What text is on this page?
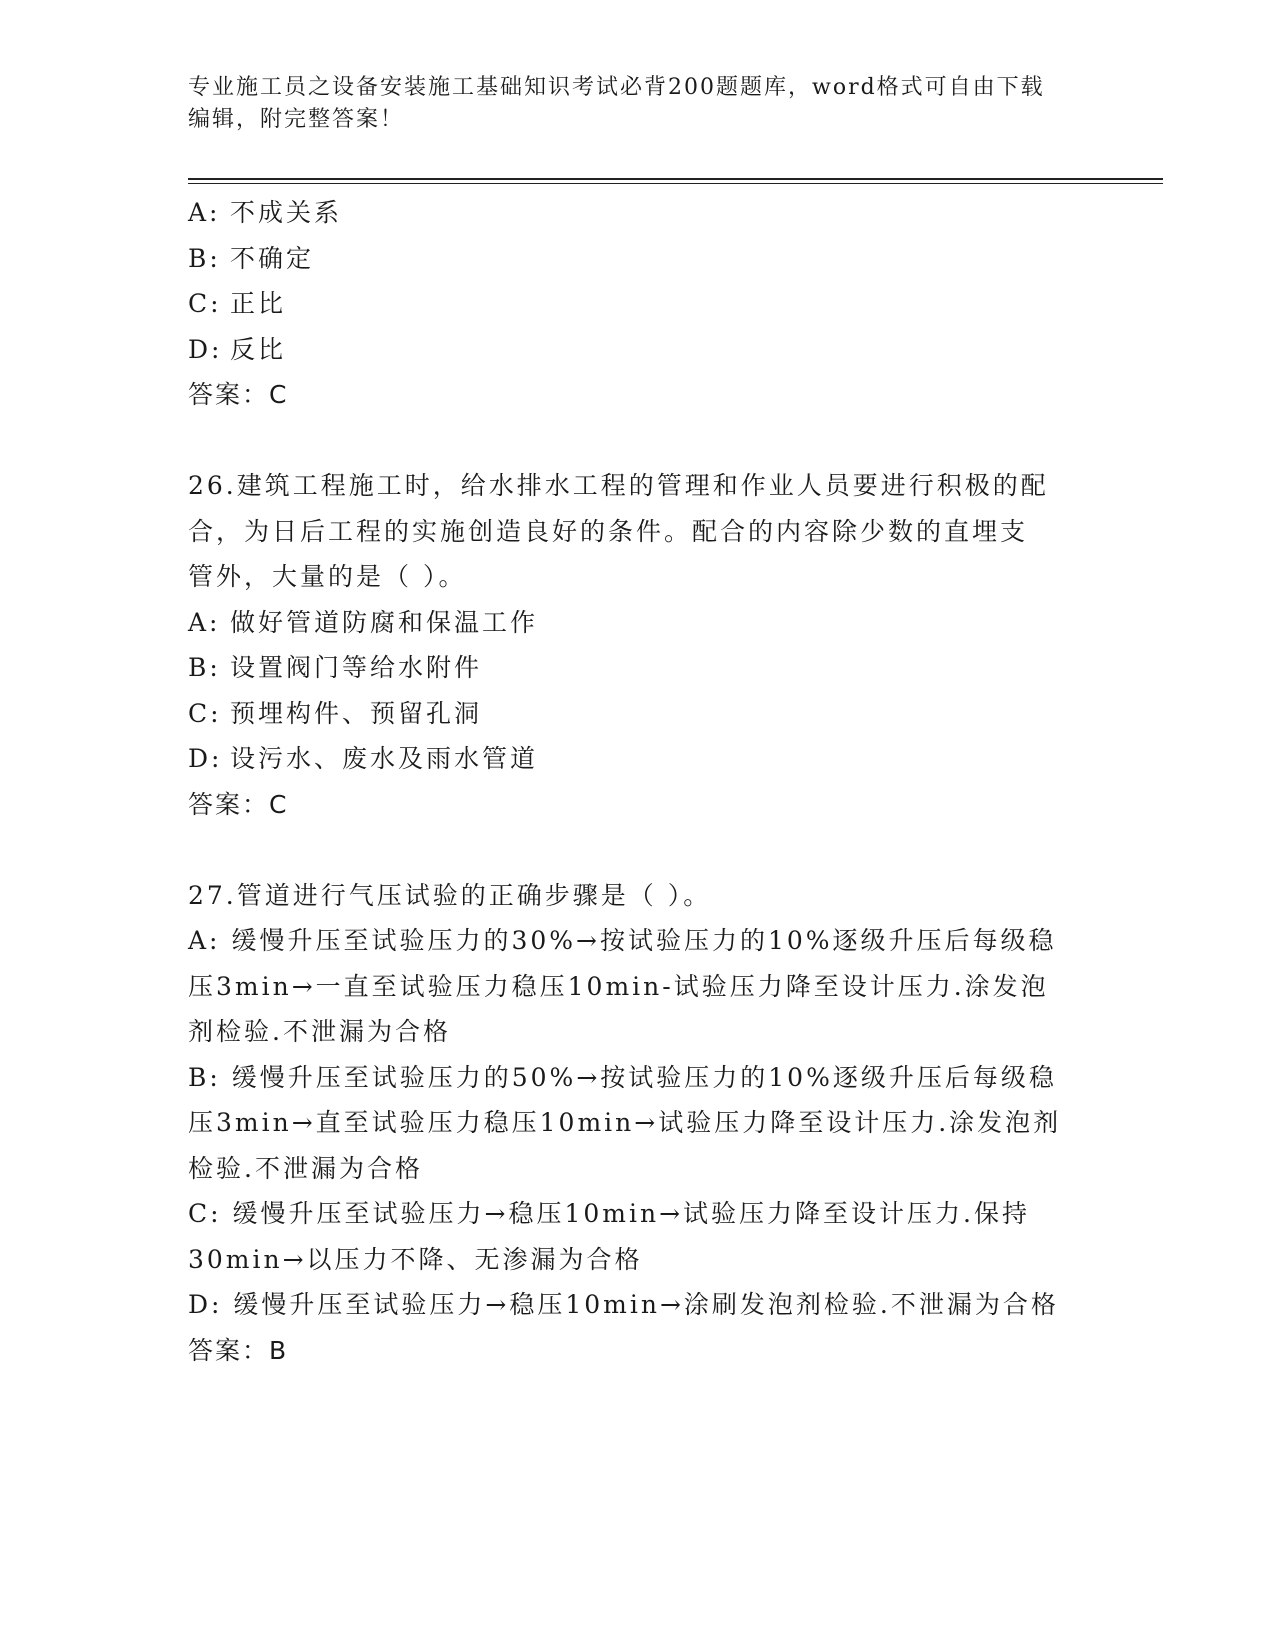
专业施工员之设备安装施工基础知识考试必背200题题库，word格式可自由下载
编辑，附完整答案！
A: 不成关系
B: 不确定
C: 正比
D: 反比
答案：C
26.建筑工程施工时，给水排水工程的管理和作业人员要进行积极的配
合，为日后工程的实施创造良好的条件。配合的内容除少数的直埋支
管外，大量的是（ ）。
A: 做好管道防腐和保温工作
B: 设置阀门等给水附件
C: 预埋构件、预留孔洞
D: 设污水、废水及雨水管道
答案：C
27.管道进行气压试验的正确步骤是（ ）。
A: 缓慢升压至试验压力的30%→按试验压力的10%逐级升压后每级稳
压3min→一直至试验压力稳压10min-试验压力降至设计压力.涂发泡
剂检验.不泄漏为合格
B: 缓慢升压至试验压力的50%→按试验压力的10%逐级升压后每级稳
压3min→直至试验压力稳压10min→试验压力降至设计压力.涂发泡剂
检验.不泄漏为合格
C: 缓慢升压至试验压力→稳压10min→试验压力降至设计压力.保持
30min→以压力不降、无渗漏为合格
D: 缓慢升压至试验压力→稳压10min→涂刷发泡剂检验.不泄漏为合格
答案：B
